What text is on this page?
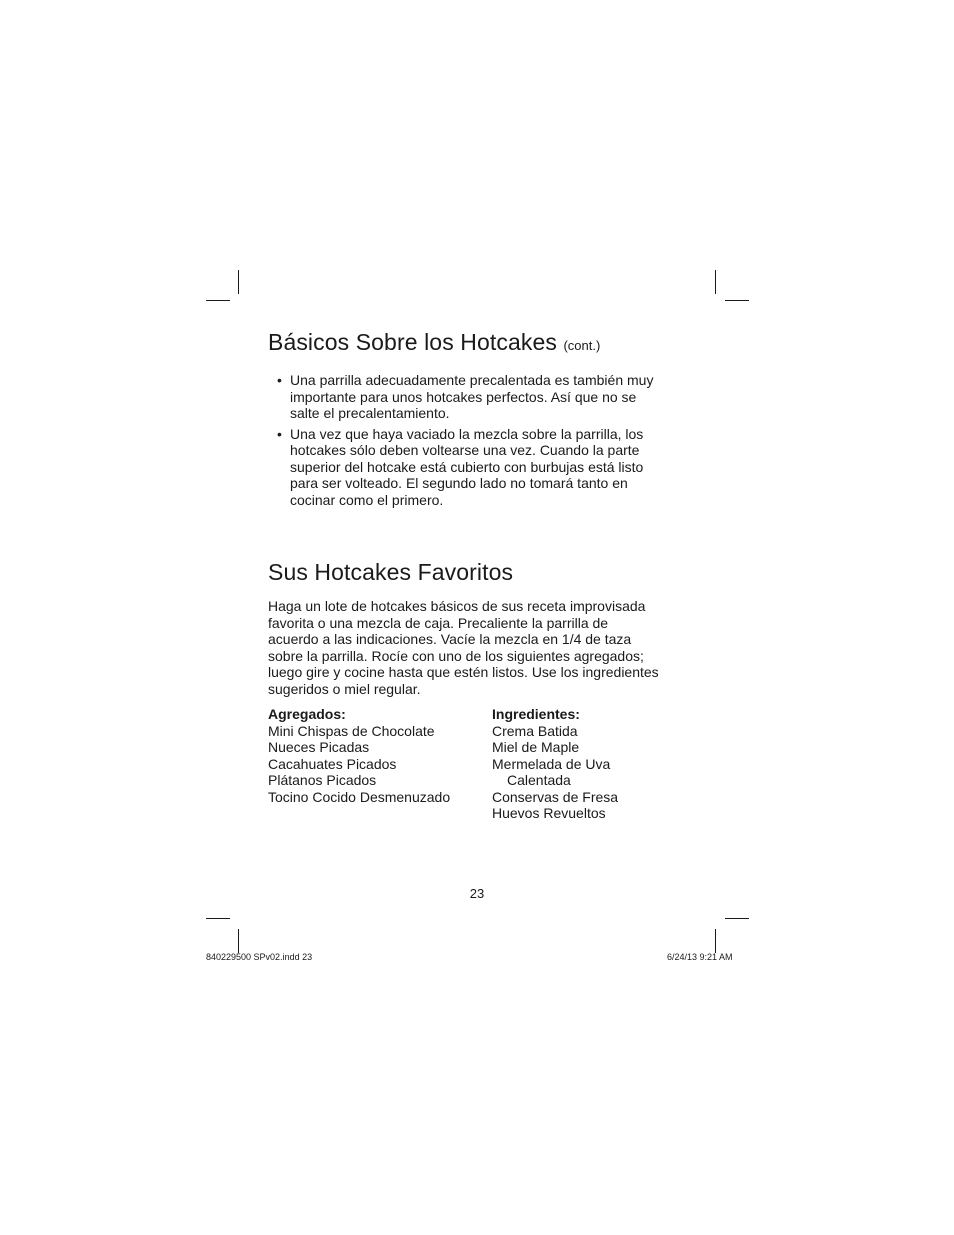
Básicos Sobre los Hotcakes (cont.)
• Una parrilla adecuadamente precalentada es también muy
importante para unos hotcakes perfectos. Así que no se
salte el precalentamiento.
• Una vez que haya vaciado la mezcla sobre la parrilla, los
hotcakes sólo deben voltearse una vez. Cuando la parte
superior del hotcake está cubierto con burbujas está listo
para ser volteado. El segundo lado no tomará tanto en
cocinar como el primero.
Sus Hotcakes Favoritos

Haga un lote de hotcakes básicos de sus receta improvisada
favorita o una mezcla de caja. Precaliente la parrilla de
acuerdo a las indicaciones. Vacíe la mezcla en 1/4 de taza
sobre la parrilla. Rocíe con uno de los siguientes agregados;
luego gire y cocine hasta que estén listos. Use los ingredientes
sugeridos o miel regular.

Agregados:
Mini Chispas de Chocolate
Nueces Picadas
Cacahuates Picados
Plátanos Picados
Tocino Cocido Desmenuzado
Ingredientes:
Crema Batida
Miel de Maple
Mermelada de Uva
Calentada
Conservas de Fresa
Huevos Revueltos
23
840229500 SPv02.indd 23	6/24/13 9:21 AM
